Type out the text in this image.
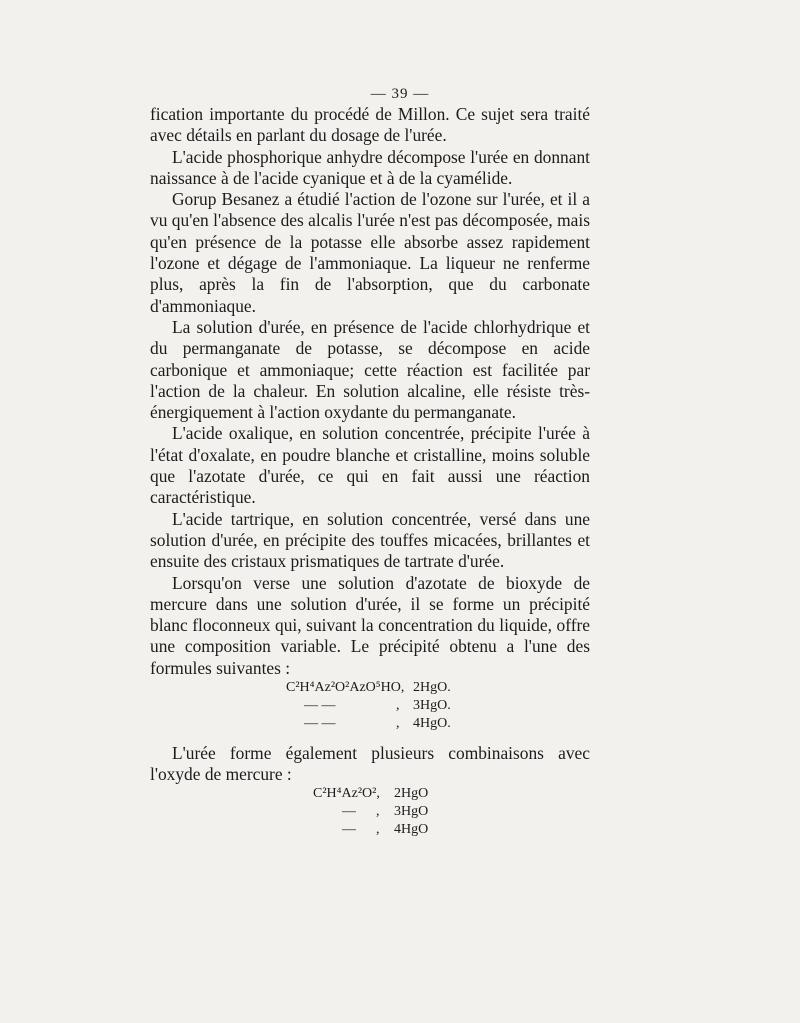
— 39 —

fication importante du procédé de Millon. Ce sujet sera traité avec détails en parlant du dosage de l'urée.

L'acide phosphorique anhydre décompose l'urée en donnant naissance à de l'acide cyanique et à de la cyamélide.

Gorup Besanez a étudié l'action de l'ozone sur l'urée, et il a vu qu'en l'absence des alcalis l'urée n'est pas décomposée, mais qu'en présence de la potasse elle absorbe assez rapidement l'ozone et dégage de l'ammoniaque. La liqueur ne renferme plus, après la fin de l'absorption, que du carbonate d'ammoniaque.

La solution d'urée, en présence de l'acide chlorhydrique et du permanganate de potasse, se décompose en acide carbonique et ammoniaque; cette réaction est facilitée par l'action de la chaleur. En solution alcaline, elle résiste très-énergiquement à l'action oxydante du permanganate.

L'acide oxalique, en solution concentrée, précipite l'urée à l'état d'oxalate, en poudre blanche et cristalline, moins soluble que l'azotate d'urée, ce qui en fait aussi une réaction caractéristique.

L'acide tartrique, en solution concentrée, versé dans une solution d'urée, en précipite des touffes micacées, brillantes et ensuite des cristaux prismatiques de tartrate d'urée.

Lorsqu'on verse une solution d'azotate de bioxyde de mercure dans une solution d'urée, il se forme un précipité blanc floconneux qui, suivant la concentration du liquide, offre une composition variable. Le précipité obtenu a l'une des formules suivantes :

C²H⁴Az²O²AzO⁵HO, 2HgO.
— —	, 3HgO.
— —	, 4HgO.

L'urée forme également plusieurs combinaisons avec l'oxyde de mercure :

C²H⁴Az²O², 2HgO
— , 3HgO
— , 4HgO
